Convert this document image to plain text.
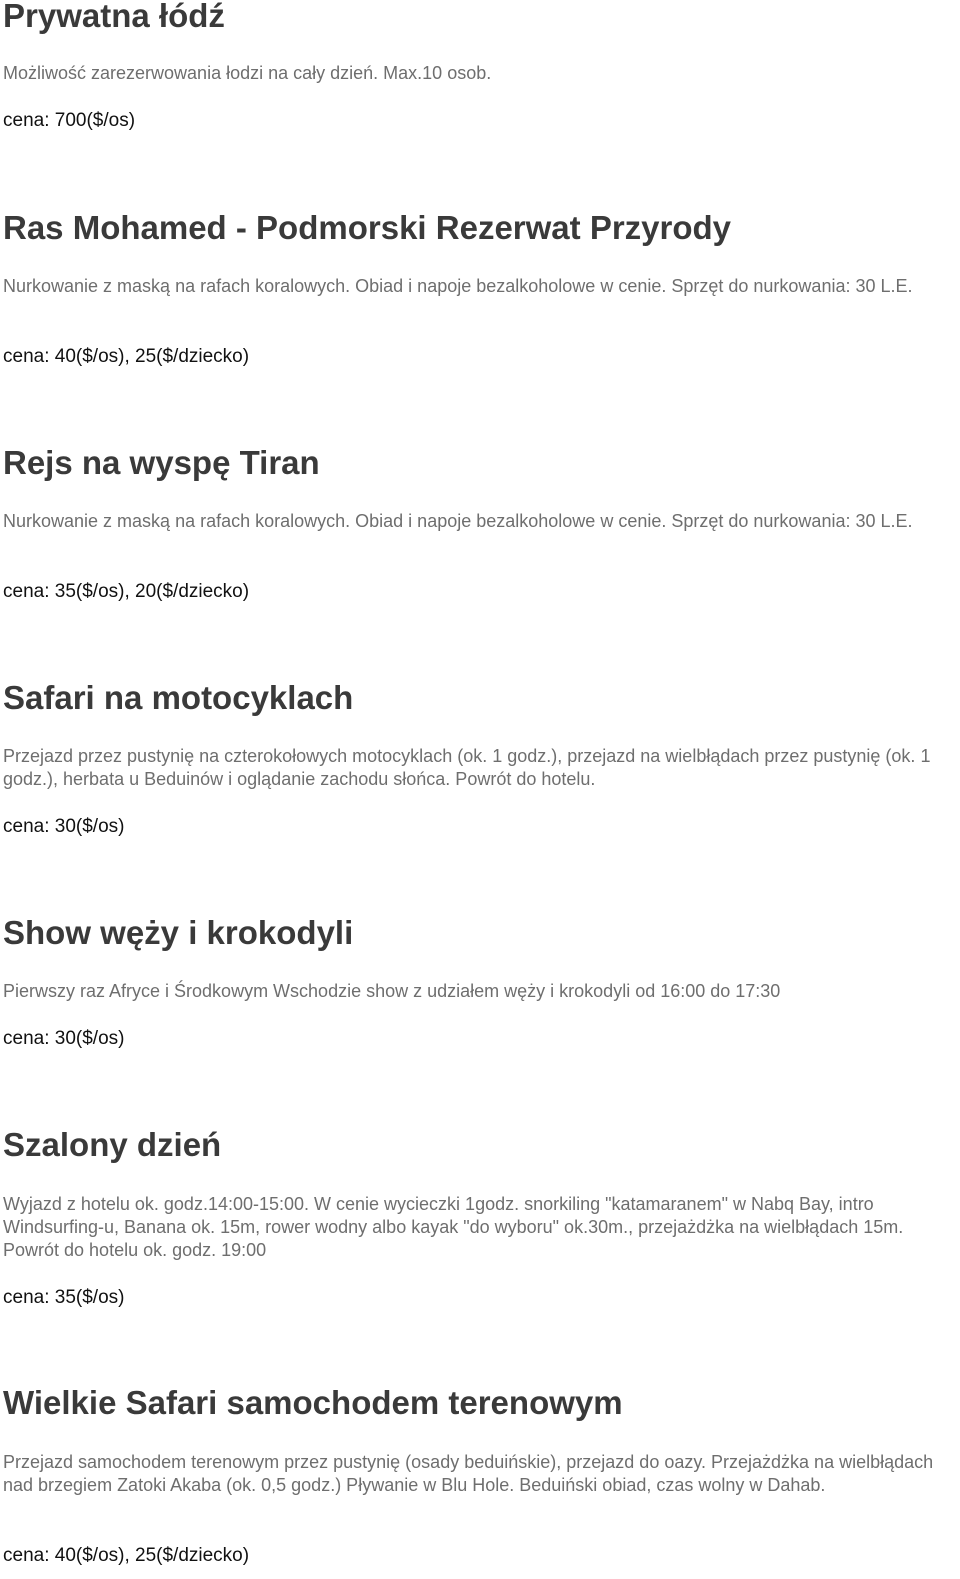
Prywatna łódź

Możliwość zarezerwowania łodzi na cały dzień. Max.10 osob.

cena: 700($/os)

Ras Mohamed - Podmorski Rezerwat Przyrody

Nurkowanie z maską na rafach koralowych. Obiad i napoje bezalkoholowe w cenie. Sprzęt do nurkowania: 30 L.E.

cena: 40($/os), 25($/dziecko)

Rejs na wyspę Tiran

Nurkowanie z maską na rafach koralowych. Obiad i napoje bezalkoholowe w cenie. Sprzęt do nurkowania: 30 L.E.

cena: 35($/os), 20($/dziecko)

Safari na motocyklach

Przejazd przez pustynię na czterokołowych motocyklach (ok. 1 godz.), przejazd na wielbłądach przez pustynię (ok. 1 godz.), herbata u Beduinów i oglądanie zachodu słońca. Powrót do hotelu.

cena: 30($/os)

Show węży i krokodyli

Pierwszy raz Afryce i Środkowym Wschodzie show z udziałem węży i krokodyli od 16:00 do 17:30

cena: 30($/os)

Szalony dzień

Wyjazd z hotelu ok. godz.14:00-15:00. W cenie wycieczki 1godz. snorkiling "katamaranem" w Nabq Bay, intro Windsurfing-u, Banana ok. 15m, rower wodny albo kayak "do wyboru" ok.30m., przejażdżka na wielbłądach 15m. Powrót do hotelu ok. godz. 19:00

cena: 35($/os)

Wielkie Safari samochodem terenowym

Przejazd samochodem terenowym przez pustynię (osady beduińskie), przejazd do oazy. Przejażdżka na wielbłądach nad brzegiem Zatoki Akaba (ok. 0,5 godz.) Pływanie w Blu Hole. Beduiński obiad, czas wolny w Dahab.

cena: 40($/os), 25($/dziecko)
